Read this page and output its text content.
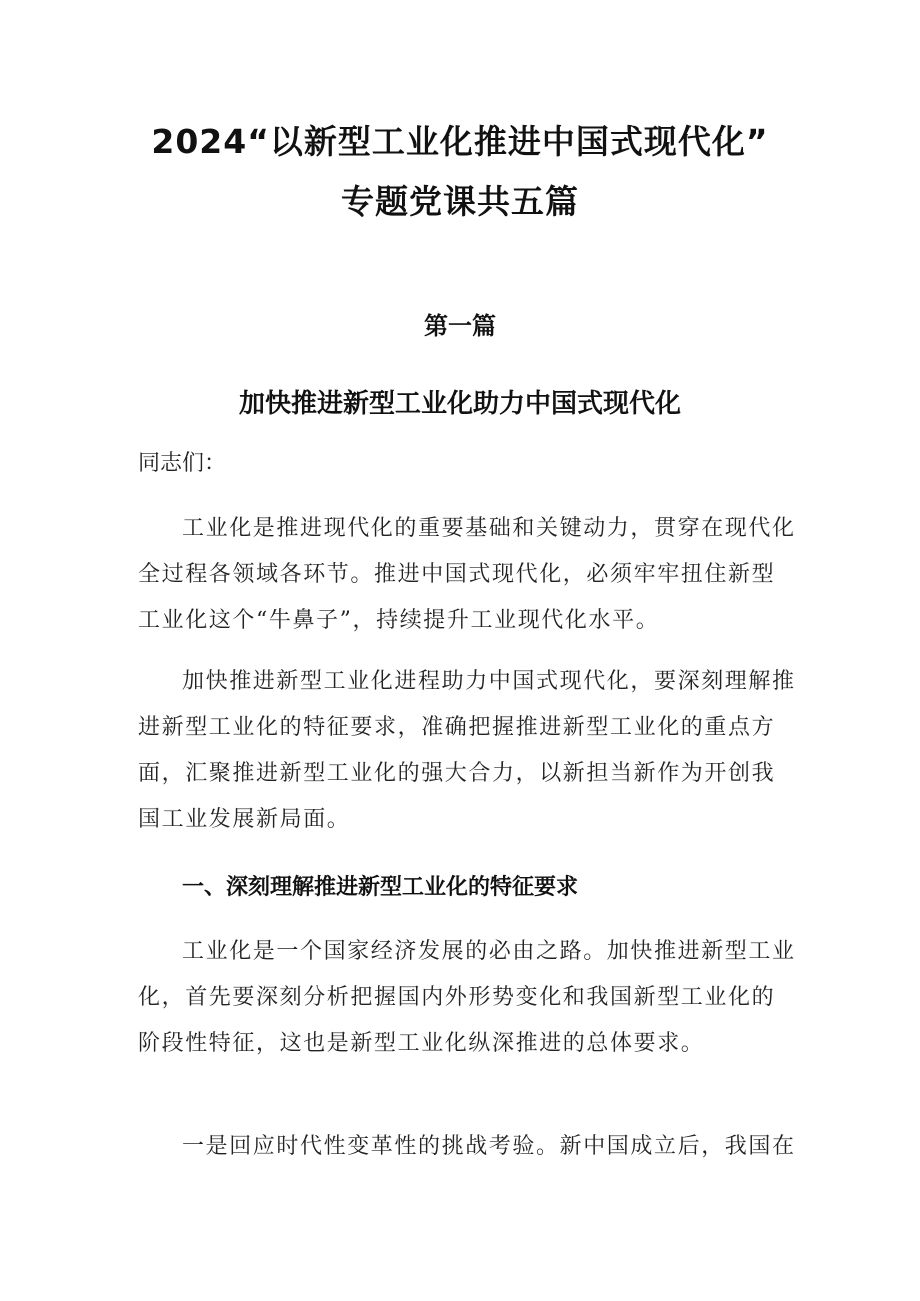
2024“以新型工业化推进中国式现代化”
专题党课共五篇
第一篇
加快推进新型工业化助力中国式现代化
同志们：

工业化是推进现代化的重要基础和关键动力，贯穿在现代化全过程各领域各环节。推进中国式现代化，必须牢牢扭住新型工业化这个“牛鼻子”，持续提升工业现代化水平。

加快推进新型工业化进程助力中国式现代化，要深刻理解推进新型工业化的特征要求，准确把握推进新型工业化的重点方面，汇聚推进新型工业化的强大合力，以新担当新作为开创我国工业发展新局面。

一、深刻理解推进新型工业化的特征要求

工业化是一个国家经济发展的必由之路。加快推进新型工业化，首先要深刻分析把握国内外形势变化和我国新型工业化的阶段性特征，这也是新型工业化纵深推进的总体要求。

一是回应时代性变革性的挑战考验。新中国成立后，我国在
